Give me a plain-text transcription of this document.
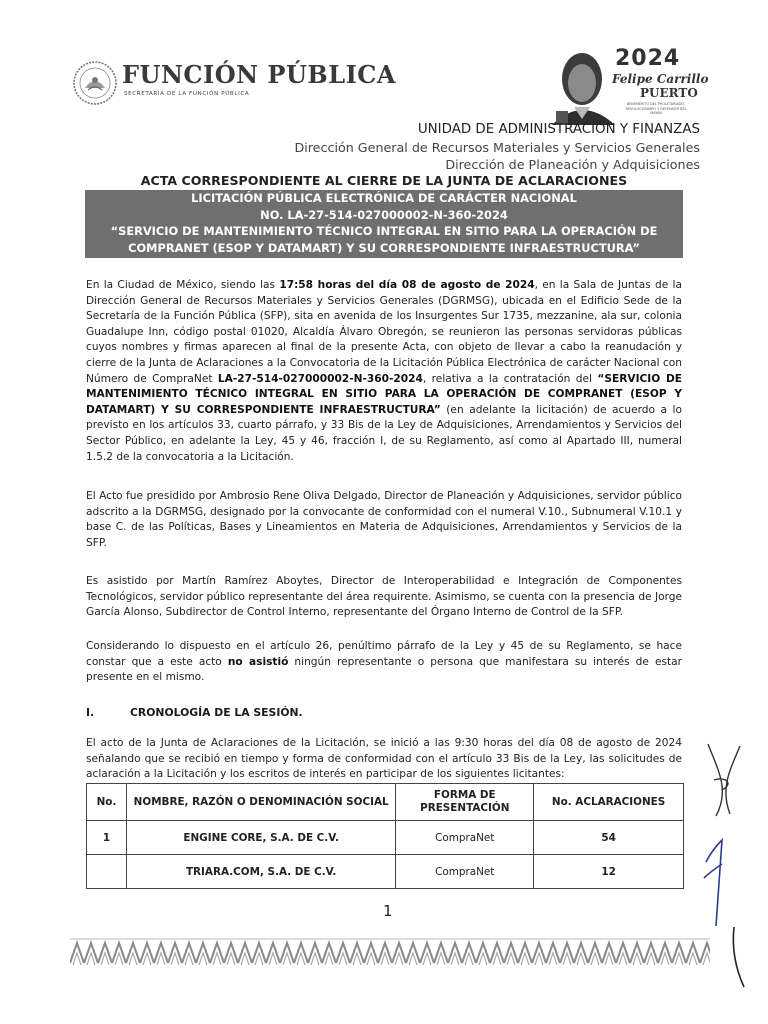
FUNCIÓN PÚBLICA
SECRETARÍA DE LA FUNCIÓN PÚBLICA
2024
Felipe Carrillo
PUERTO
BENEMÉRITO DEL PROLETARIADO, REVOLUCIONARIO Y DEFENSOR DEL MAYAB
UNIDAD DE ADMINISTRACIÓN Y FINANZAS
Dirección General de Recursos Materiales y Servicios Generales
Dirección de Planeación y Adquisiciones
ACTA CORRESPONDIENTE AL CIERRE DE LA JUNTA DE ACLARACIONES
LICITACIÓN PÚBLICA ELECTRÓNICA DE CARÁCTER NACIONAL
NO. LA-27-514-027000002-N-360-2024
“SERVICIO DE MANTENIMIENTO TÉCNICO INTEGRAL EN SITIO PARA LA OPERACIÓN DE
COMPRANET (ESOP Y DATAMART) Y SU CORRESPONDIENTE INFRAESTRUCTURA”
En la Ciudad de México, siendo las 17:58 horas del día 08 de agosto de 2024, en la Sala de Juntas de la Dirección General de Recursos Materiales y Servicios Generales (DGRMSG), ubicada en el Edificio Sede de la Secretaría de la Función Pública (SFP), sita en avenida de los Insurgentes Sur 1735, mezzanine, ala sur, colonia Guadalupe Inn, código postal 01020, Alcaldía Álvaro Obregón, se reunieron las personas servidoras públicas cuyos nombres y firmas aparecen al final de la presente Acta, con objeto de llevar a cabo la reanudación y cierre de la Junta de Aclaraciones a la Convocatoria de la Licitación Pública Electrónica de carácter Nacional con Número de CompraNet LA-27-514-027000002-N-360-2024, relativa a la contratación del “SERVICIO DE MANTENIMIENTO TÉCNICO INTEGRAL EN SITIO PARA LA OPERACIÓN DE COMPRANET (ESOP Y DATAMART) Y SU CORRESPONDIENTE INFRAESTRUCTURA” (en adelante la licitación) de acuerdo a lo previsto en los artículos 33, cuarto párrafo, y 33 Bis de la Ley de Adquisiciones, Arrendamientos y Servicios del Sector Público, en adelante la Ley, 45 y 46, fracción I, de su Reglamento, así como al Apartado III, numeral 1.5.2 de la convocatoria a la Licitación.
El Acto fue presidido por Ambrosio Rene Oliva Delgado, Director de Planeación y Adquisiciones, servidor público adscrito a la DGRMSG, designado por la convocante de conformidad con el numeral V.10., Subnumeral V.10.1 y base C. de las Políticas, Bases y Lineamientos en Materia de Adquisiciones, Arrendamientos y Servicios de la SFP.
Es asistido por Martín Ramírez Aboytes, Director de Interoperabilidad e Integración de Componentes Tecnológicos, servidor público representante del área requirente. Asimismo, se cuenta con la presencia de Jorge García Alonso, Subdirector de Control Interno, representante del Órgano Interno de Control de la SFP.
Considerando lo dispuesto en el artículo 26, penúltimo párrafo de la Ley y 45 de su Reglamento, se hace constar que a este acto no asistió ningún representante o persona que manifestara su interés de estar presente en el mismo.
I.	CRONOLOGÍA DE LA SESIÓN.
El acto de la Junta de Aclaraciones de la Licitación, se inició a las 9:30 horas del día 08 de agosto de 2024 señalando que se recibió en tiempo y forma de conformidad con el artículo 33 Bis de la Ley, las solicitudes de aclaración a la Licitación y los escritos de interés en participar de los siguientes licitantes:
No.	NOMBRE, RAZÓN O DENOMINACIÓN SOCIAL	FORMA DE PRESENTACIÓN	No. ACLARACIONES
1	ENGINE CORE, S.A. DE C.V.	CompraNet	54
	TRIARA.COM, S.A. DE C.V.	CompraNet	12
1
